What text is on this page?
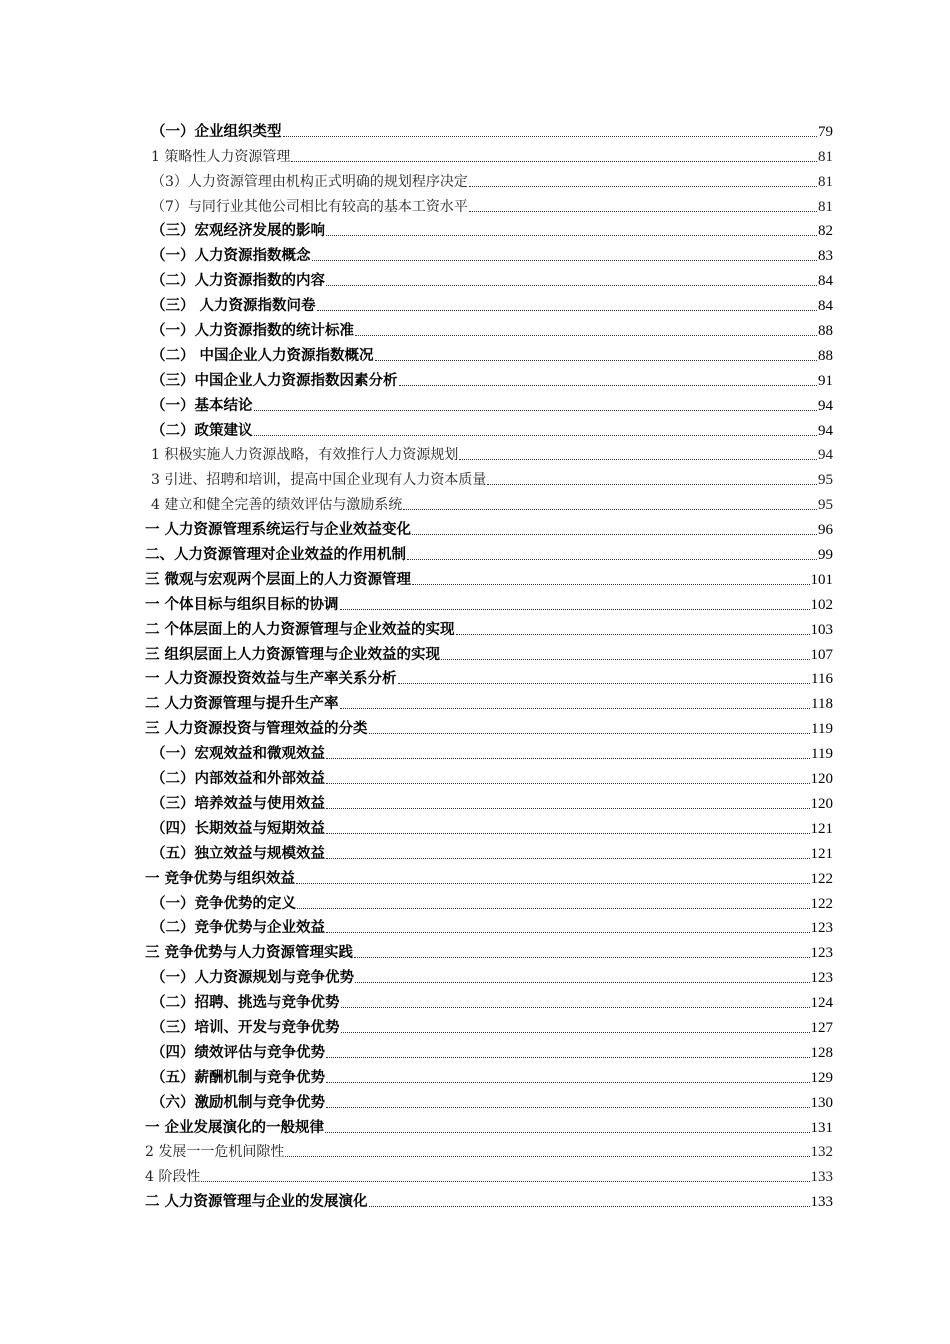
（一）企业组织类型	79
1 策略性人力资源管理	81
（3）人力资源管理由机构正式明确的规划程序决定	81
（7）与同行业其他公司相比有较高的基本工资水平	81
（三）宏观经济发展的影响	82
（一）人力资源指数概念	83
（二）人力资源指数的内容	84
（三） 人力资源指数问卷	84
（一）人力资源指数的统计标准	88
（二） 中国企业人力资源指数概况	88
（三）中国企业人力资源指数因素分析	91
（一）基本结论	94
（二）政策建议	94
1 积极实施人力资源战略，有效推行人力资源规划	94
3 引进、招聘和培训，提高中国企业现有人力资本质量	95
4 建立和健全完善的绩效评估与激励系统	95
一 人力资源管理系统运行与企业效益变化	96
二、人力资源管理对企业效益的作用机制	99
三 微观与宏观两个层面上的人力资源管理	101
一 个体目标与组织目标的协调	102
二 个体层面上的人力资源管理与企业效益的实现	103
三 组织层面上人力资源管理与企业效益的实现	107
一 人力资源投资效益与生产率关系分析	116
二 人力资源管理与提升生产率	118
三 人力资源投资与管理效益的分类	119
（一）宏观效益和微观效益	119
（二）内部效益和外部效益	120
（三）培养效益与使用效益	120
（四）长期效益与短期效益	121
（五）独立效益与规模效益	121
一 竞争优势与组织效益	122
（一）竞争优势的定义	122
（二）竞争优势与企业效益	123
三 竞争优势与人力资源管理实践	123
（一）人力资源规划与竞争优势	123
（二）招聘、挑选与竞争优势	124
（三）培训、开发与竞争优势	127
（四）绩效评估与竞争优势	128
（五）薪酬机制与竞争优势	129
（六）激励机制与竞争优势	130
一 企业发展演化的一般规律	131
2 发展一一危机间隙性	132
4 阶段性	133
二 人力资源管理与企业的发展演化	133
